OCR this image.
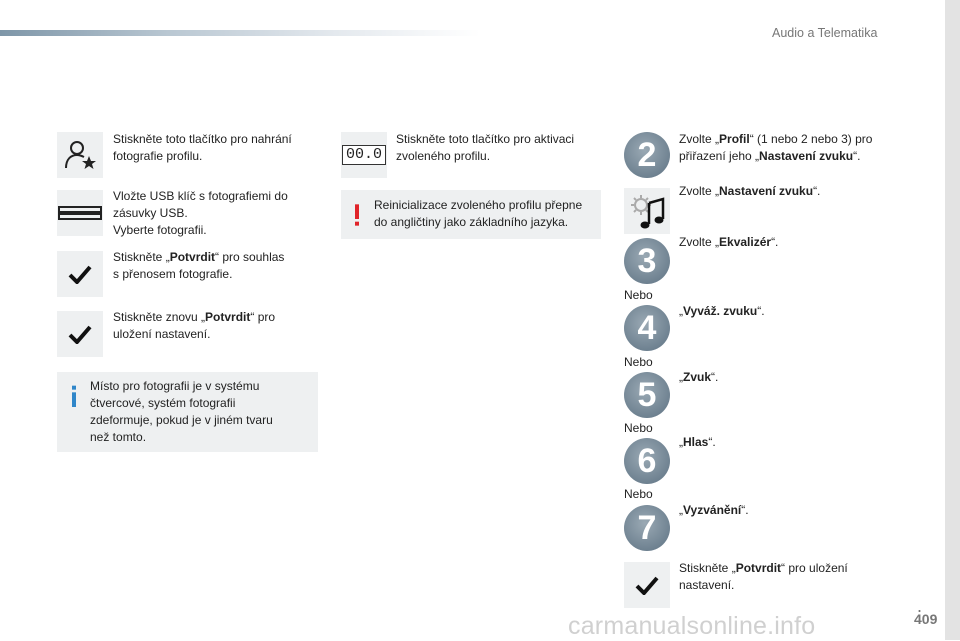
Audio a Telematika
.
409
carmanualsonline.info
Stiskněte toto tlačítko pro nahrání fotografie profilu.
Vložte USB klíč s fotografiemi do
zásuvky USB.
Vyberte fotografii.
Stiskněte „Potvrdit“ pro souhlas
s přenosem fotografie.
Stiskněte znovu „Potvrdit“ pro
uložení nastavení.
Místo pro fotografii je v systému
čtvercové, systém fotografii
zdeformuje, pokud je v jiném tvaru
než tomto.
00.0
Stiskněte toto tlačítko pro aktivaci
zvoleného profilu.
Reinicializace zvoleného profilu přepne
do angličtiny jako základního jazyka.
2	Zvolte „Profil“ (1 nebo 2 nebo 3) pro
přiřazení jeho „Nastavení zvuku“.
Zvolte „Nastavení zvuku“.
3	Zvolte „Ekvalizér“.
Nebo
4	„Vyváž. zvuku“.
Nebo
5	„Zvuk“.
Nebo
6	„Hlas“.
Nebo
7	„Vyzvánění“.
Stiskněte „Potvrdit“ pro uložení
nastavení.
